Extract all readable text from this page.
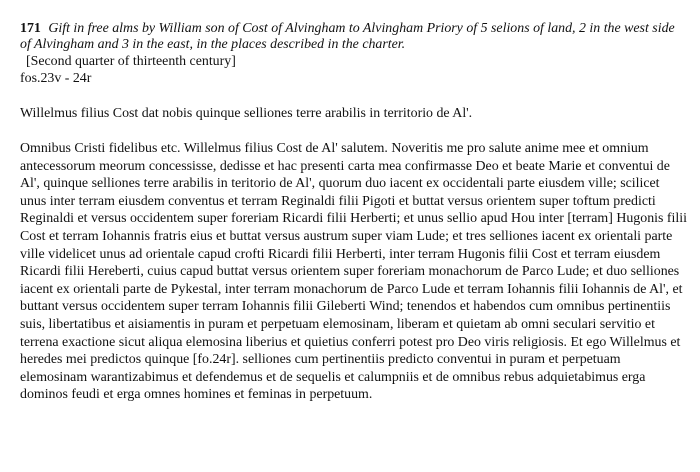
171 Gift in free alms by William son of Cost of Alvingham to Alvingham Priory of 5 selions of land, 2 in the west side of Alvingham and 3 in the east, in the places described in the charter.

[Second quarter of thirteenth century]

fos.23v - 24r

Willelmus filius Cost dat nobis quinque selliones terre arabilis in territorio de Al'.

Omnibus Cristi fidelibus etc. Willelmus filius Cost de Al' salutem. Noveritis me pro salute anime mee et omnium antecessorum meorum concessisse, dedisse et hac presenti carta mea confirmasse Deo et beate Marie et conventui de Al', quinque selliones terre arabilis in teritorio de Al', quorum duo iacent ex occidentali parte eiusdem ville; scilicet unus inter terram eiusdem conventus et terram Reginaldi filii Pigoti et buttat versus orientem super toftum predicti Reginaldi et versus occidentem super foreriam Ricardi filii Herberti; et unus sellio apud Hou inter [terram] Hugonis filii Cost et terram Iohannis fratris eius et buttat versus austrum super viam Lude; et tres selliones iacent ex orientali parte ville videlicet unus ad orientale capud crofti Ricardi filii Herberti, inter terram Hugonis filii Cost et terram eiusdem Ricardi filii Hereberti, cuius capud buttat versus orientem super foreriam monachorum de Parco Lude; et duo selliones iacent ex orientali parte de Pykestal, inter terram monachorum de Parco Lude et terram Iohannis filii Iohannis de Al', et buttant versus occidentem super terram Iohannis filii Gileberti Wind; tenendos et habendos cum omnibus pertinentiis suis, libertatibus et aisiamentis in puram et perpetuam elemosinam, liberam et quietam ab omni seculari servitio et terrena exactione sicut aliqua elemosina liberius et quietius conferri potest pro Deo viris religiosis. Et ego Willelmus et heredes mei predictos quinque [fo.24r]. selliones cum pertinentiis predicto conventui in puram et perpetuam elemosinam warantizabimus et defendemus et de sequelis et calumpniis et de omnibus rebus adquietabimus erga dominos feudi et erga omnes homines et feminas in perpetuum.
